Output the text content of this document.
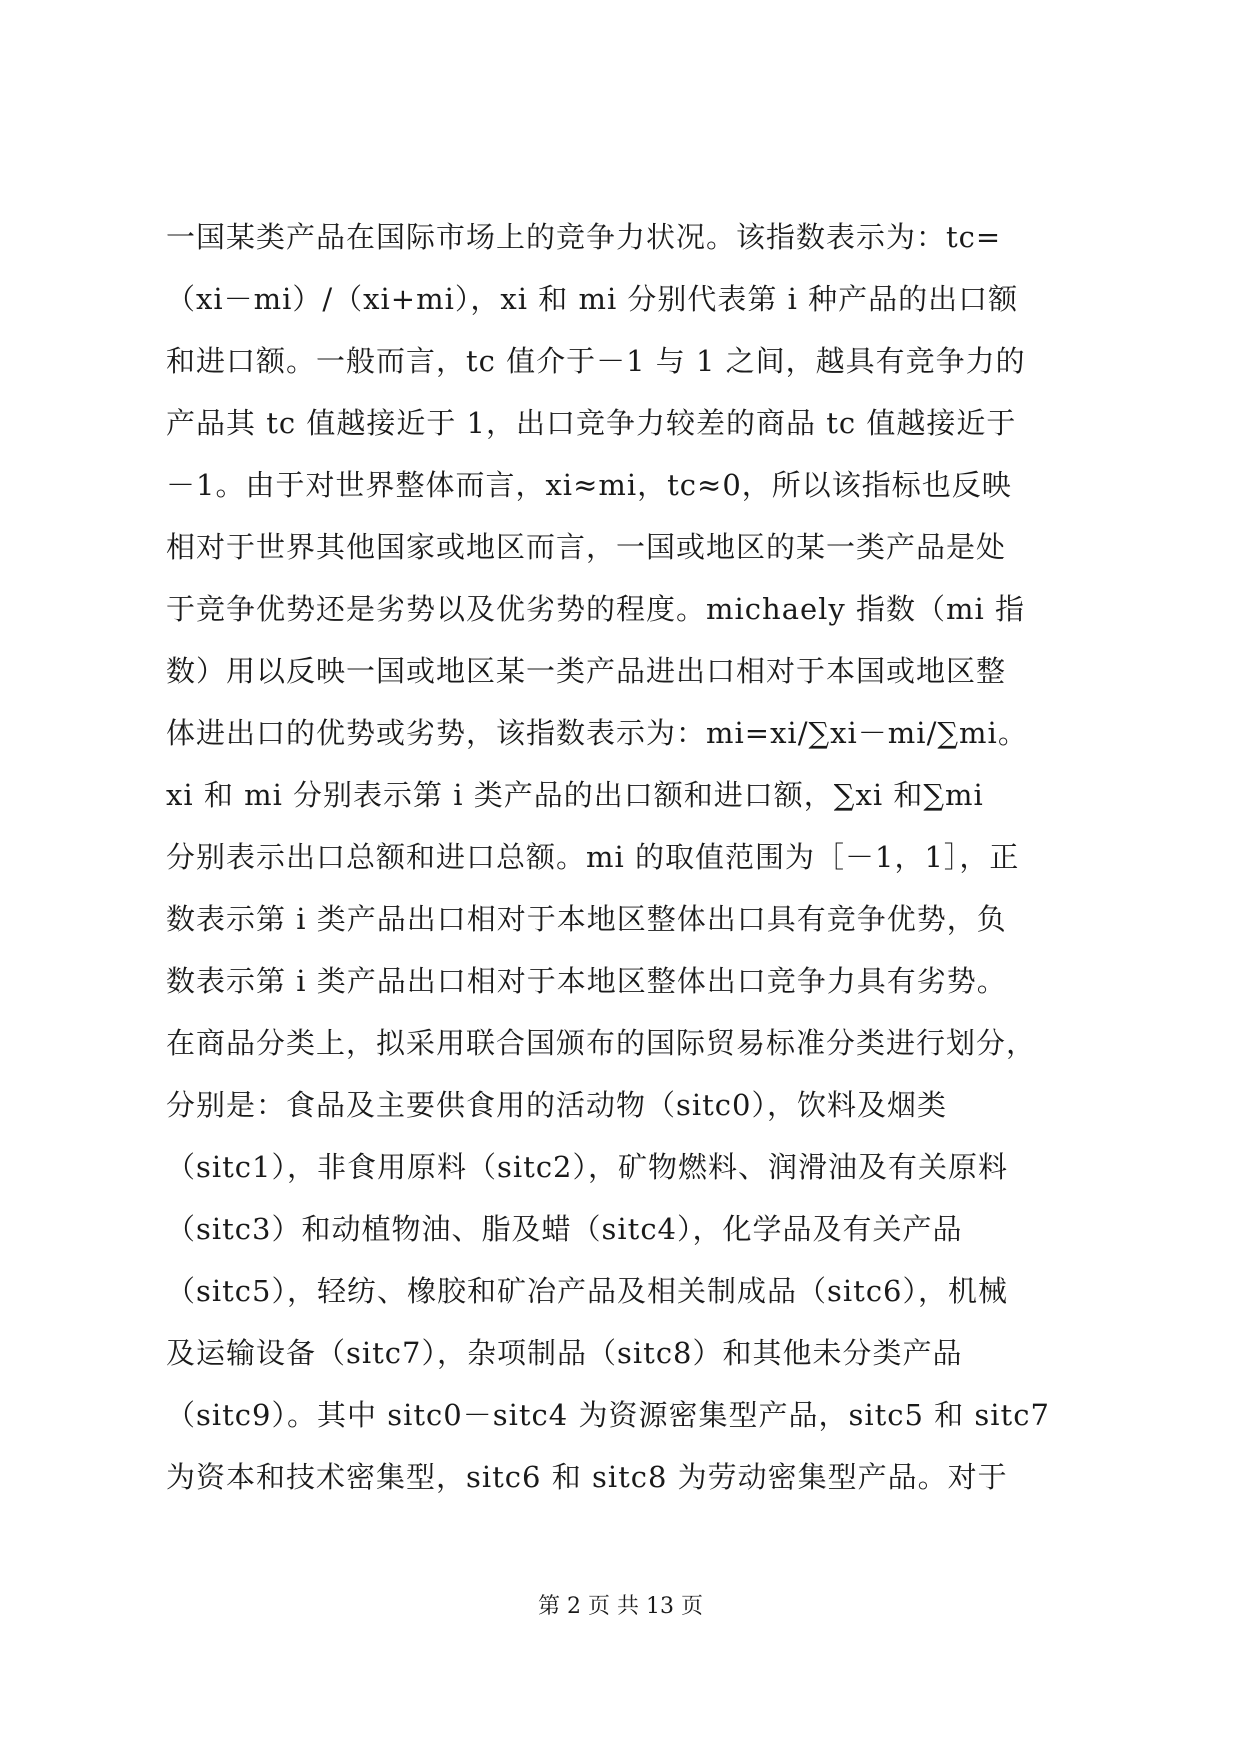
一国某类产品在国际市场上的竞争力状况。该指数表示为：tc=
（xi－mi）/（xi+mi），xi 和 mi 分别代表第 i 种产品的出口额
和进口额。一般而言，tc 值介于－1 与 1 之间，越具有竞争力的
产品其 tc 值越接近于 1，出口竞争力较差的商品 tc 值越接近于
－1。由于对世界整体而言，xi≈mi，tc≈0，所以该指标也反映
相对于世界其他国家或地区而言，一国或地区的某一类产品是处
于竞争优势还是劣势以及优劣势的程度。michaely 指数（mi 指
数）用以反映一国或地区某一类产品进出口相对于本国或地区整
体进出口的优势或劣势，该指数表示为：mi=xi/∑xi－mi/∑mi。
xi 和 mi 分别表示第 i 类产品的出口额和进口额，∑xi 和∑mi
分别表示出口总额和进口总额。mi 的取值范围为［－1，1］，正
数表示第 i 类产品出口相对于本地区整体出口具有竞争优势，负
数表示第 i 类产品出口相对于本地区整体出口竞争力具有劣势。
在商品分类上，拟采用联合国颁布的国际贸易标准分类进行划分，
分别是：食品及主要供食用的活动物（sitc0），饮料及烟类
（sitc1），非食用原料（sitc2），矿物燃料、润滑油及有关原料
（sitc3）和动植物油、脂及蜡（sitc4），化学品及有关产品
（sitc5），轻纺、橡胶和矿冶产品及相关制成品（sitc6），机械
及运输设备（sitc7），杂项制品（sitc8）和其他未分类产品
（sitc9）。其中 sitc0－sitc4 为资源密集型产品，sitc5 和 sitc7
为资本和技术密集型，sitc6 和 sitc8 为劳动密集型产品。对于
第 2 页 共 13 页
